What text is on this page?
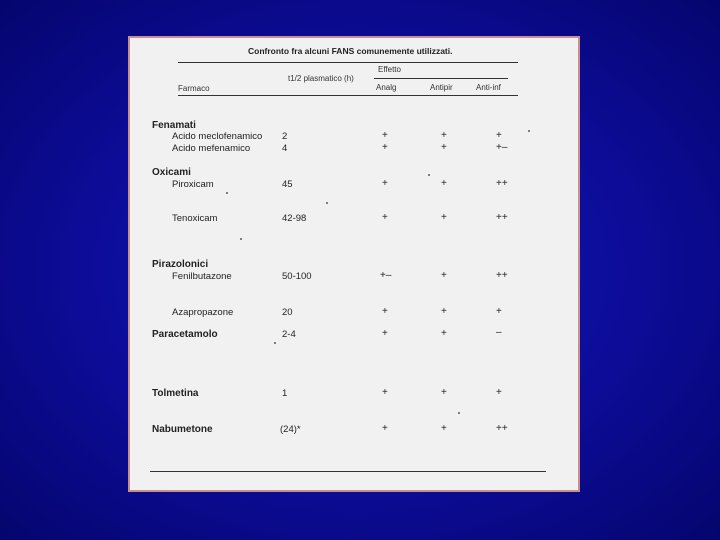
Confronto fra alcuni FANS comunemente utilizzati.
Effetto
t1/2 plasmatico (h)
Farmaco	Analg	Antipir	Anti-inf
Fenamati
Acido meclofenamico 2	+	+	+
Acido mefenamico	4	+	+	+–
Oxicami
Piroxicam	45	+	+	++
Tenoxicam	42-98	+	+	++
Pirazolonici
Fenilbutazone	50-100	+–	+	++
Azapropazone	20	+	+	+
Paracetamolo	2-4	+	+	–
Tolmetina	1	+	+	+
Nabumetone	(24)*	+	+	++
